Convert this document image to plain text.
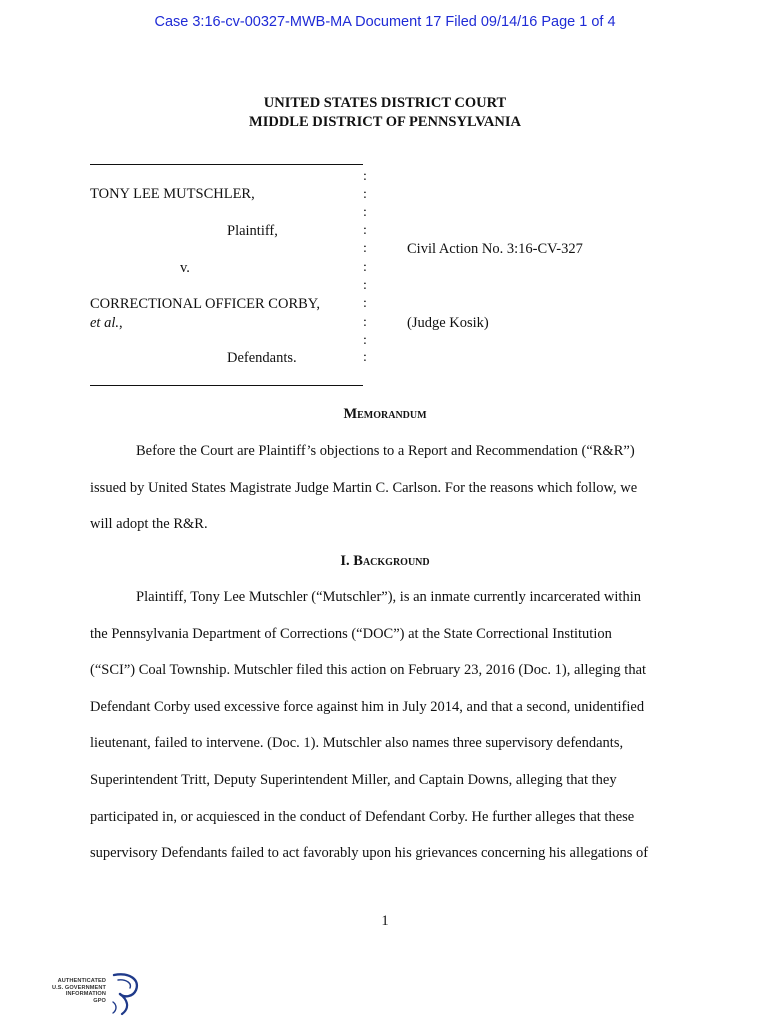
Case 3:16-cv-00327-MWB-MA Document 17 Filed 09/14/16 Page 1 of 4
UNITED STATES DISTRICT COURT
MIDDLE DISTRICT OF PENNSYLVANIA
TONY LEE MUTSCHLER,
Plaintiff,
v.
CORRECTIONAL OFFICER CORBY,
et al.,
Defendants.
Civil Action No. 3:16-CV-327
(Judge Kosik)
:
:
:
:
:
:
:
:
:
:
:
Memorandum
Before the Court are Plaintiff’s objections to a Report and Recommendation (“R&R”)
issued by United States Magistrate Judge Martin C. Carlson. For the reasons which follow, we
will adopt the R&R.
I. Background
Plaintiff, Tony Lee Mutschler (“Mutschler”), is an inmate currently incarcerated within
the Pennsylvania Department of Corrections (“DOC”) at the State Correctional Institution
(“SCI”) Coal Township. Mutschler filed this action on February 23, 2016 (Doc. 1), alleging that
Defendant Corby used excessive force against him in July 2014, and that a second, unidentified
lieutenant, failed to intervene. (Doc. 1). Mutschler also names three supervisory defendants,
Superintendent Tritt, Deputy Superintendent Miller, and Captain Downs, alleging that they
participated in, or acquiesced in the conduct of Defendant Corby. He further alleges that these
supervisory Defendants failed to act favorably upon his grievances concerning his allegations of
1
AUTHENTICATED
U.S. GOVERNMENT
INFORMATION
GPO
